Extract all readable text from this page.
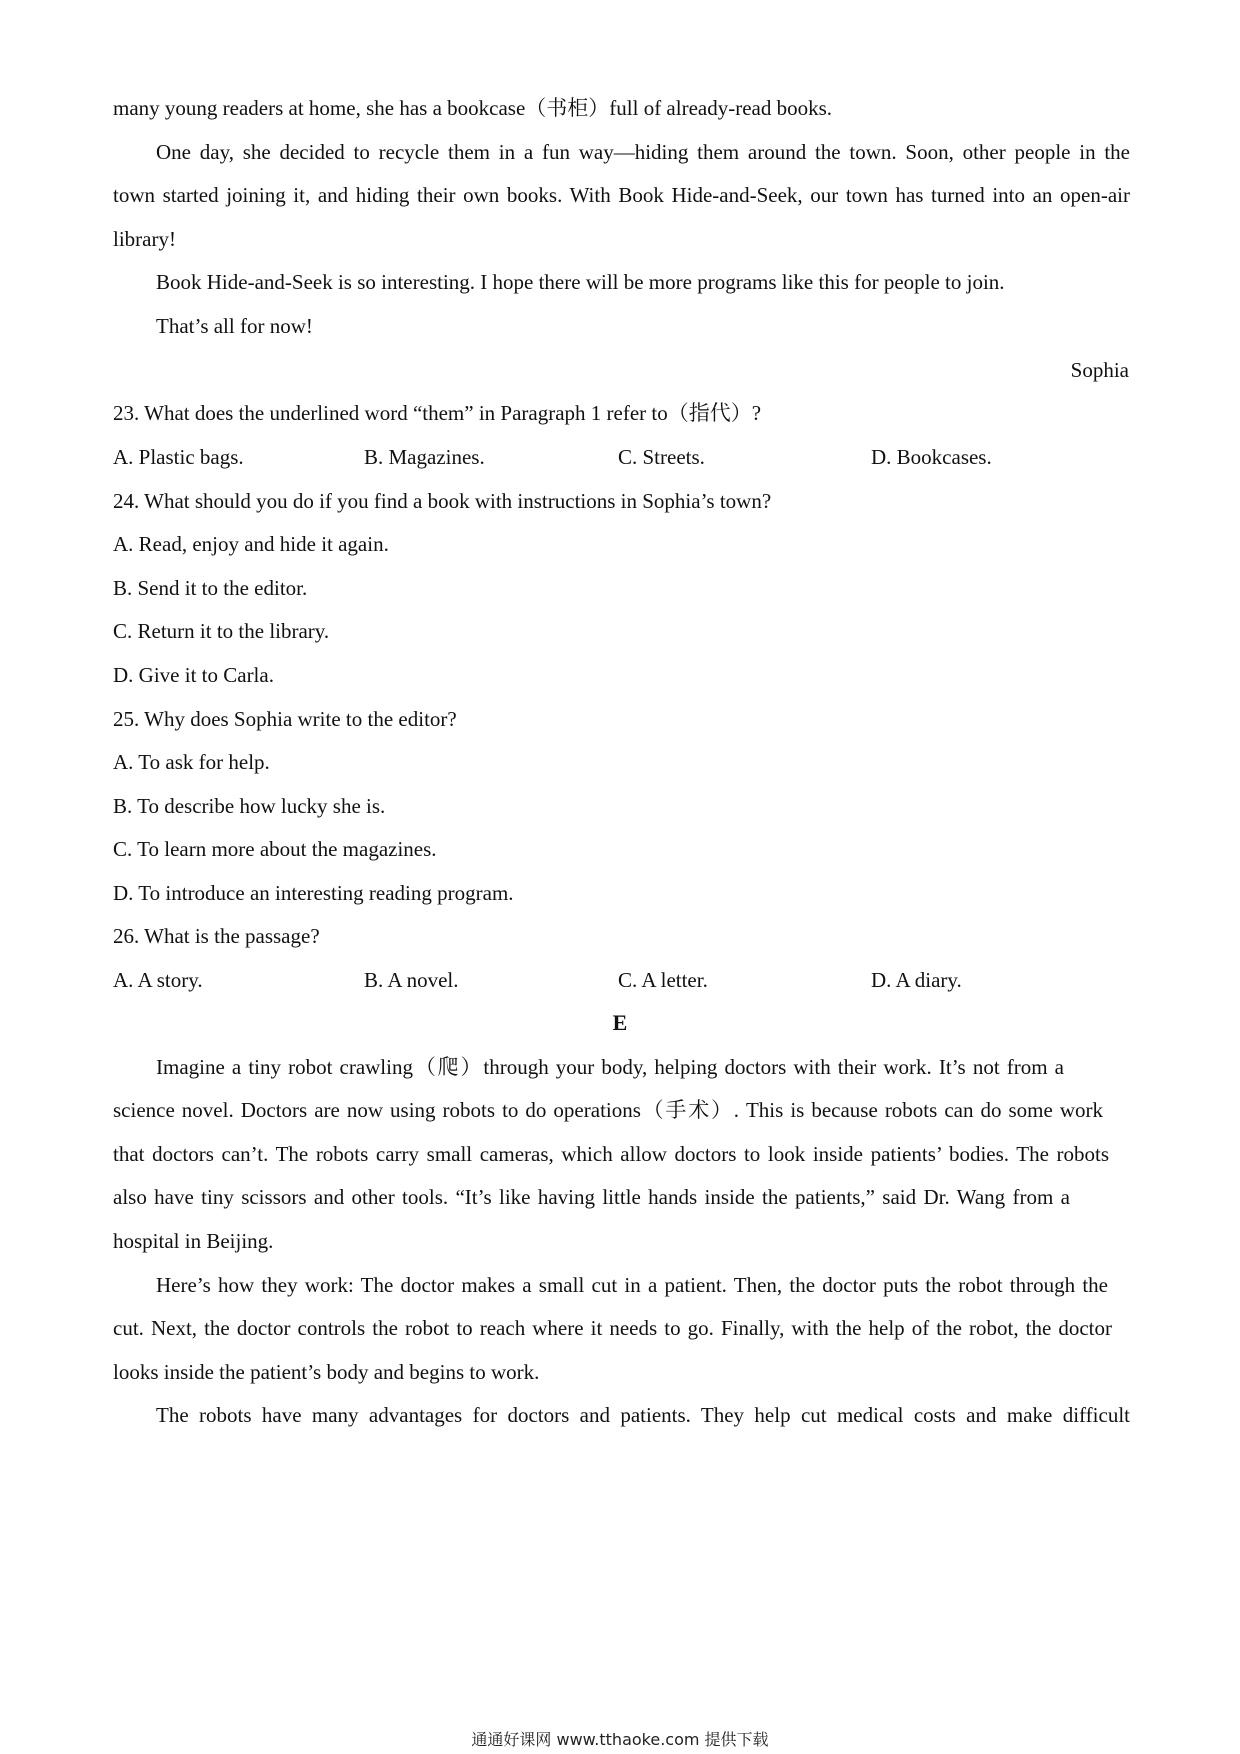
many young readers at home, she has a bookcase（书柜）full of already-read books.
One day, she decided to recycle them in a fun way—hiding them around the town. Soon, other people in the
town started joining it, and hiding their own books. With Book Hide-and-Seek, our town has turned into an open-air
library!
Book Hide-and-Seek is so interesting. I hope there will be more programs like this for people to join.
That’s all for now!
Sophia
23. What does the underlined word “them” in Paragraph 1 refer to（指代）?
A. Plastic bags.	B. Magazines.	C. Streets.	D. Bookcases.
24. What should you do if you find a book with instructions in Sophia’s town?
A. Read, enjoy and hide it again.
B. Send it to the editor.
C. Return it to the library.
D. Give it to Carla.
25. Why does Sophia write to the editor?
A. To ask for help.
B. To describe how lucky she is.
C. To learn more about the magazines.
D. To introduce an interesting reading program.
26. What is the passage?
A. A story.	B. A novel.	C. A letter.	D. A diary.
E
Imagine a tiny robot crawling（爬）through your body, helping doctors with their work. It’s not from a
science novel. Doctors are now using robots to do operations（手术）. This is because robots can do some work
that doctors can’t. The robots carry small cameras, which allow doctors to look inside patients’ bodies. The robots
also have tiny scissors and other tools. “It’s like having little hands inside the patients,” said Dr. Wang from a
hospital in Beijing.
Here’s how they work: The doctor makes a small cut in a patient. Then, the doctor puts the robot through the
cut. Next, the doctor controls the robot to reach where it needs to go. Finally, with the help of the robot, the doctor
looks inside the patient’s body and begins to work.
The robots have many advantages for doctors and patients. They help cut medical costs and make difficult
通通好课网 www.tthaoke.com 提供下载
